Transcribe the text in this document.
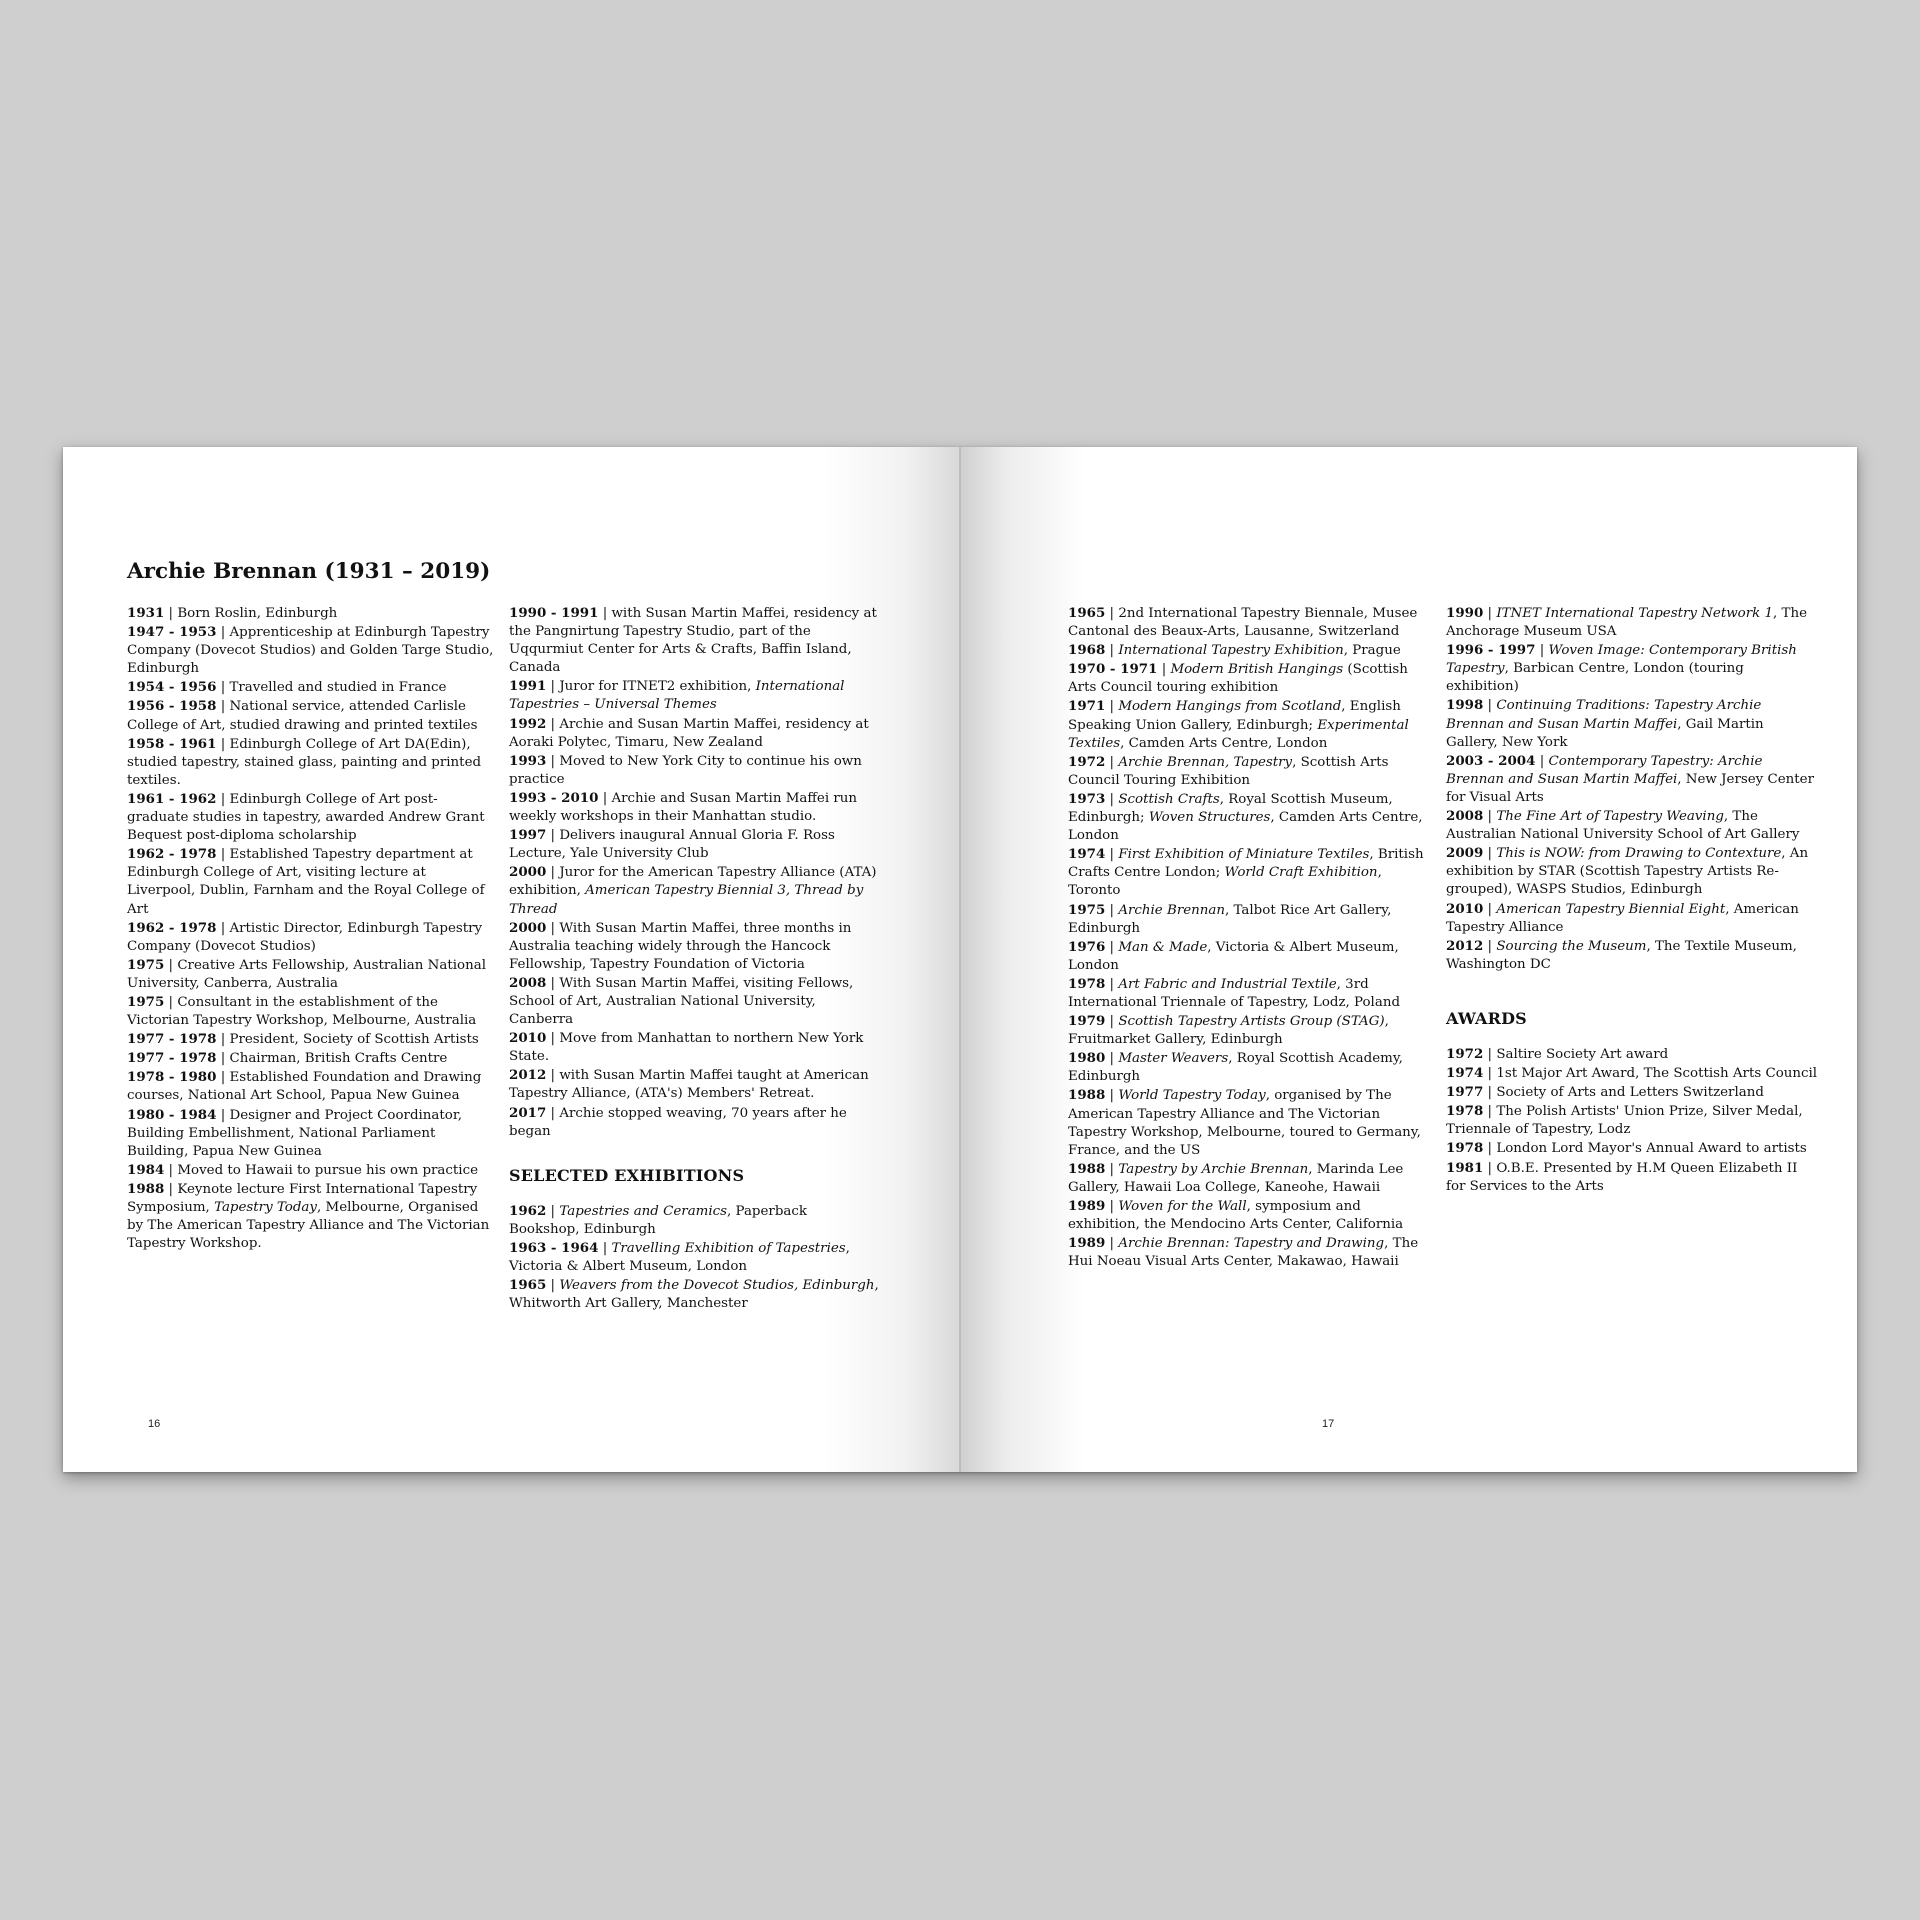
Archie Brennan (1931 – 2019)

1931 | Born Roslin, Edinburgh

1947 - 1953 | Apprenticeship at Edinburgh Tapestry Company (Dovecot Studios) and Golden Targe Studio, Edinburgh

1954 - 1956 | Travelled and studied in France

1956 - 1958 | National service, attended Carlisle College of Art, studied drawing and printed textiles

1958 - 1961 | Edinburgh College of Art DA(Edin), studied tapestry, stained glass, painting and printed textiles.

1961 - 1962 | Edinburgh College of Art post-graduate studies in tapestry, awarded Andrew Grant Bequest post-diploma scholarship

1962 - 1978 | Established Tapestry department at Edinburgh College of Art, visiting lecture at Liverpool, Dublin, Farnham and the Royal College of Art

1962 - 1978 | Artistic Director, Edinburgh Tapestry Company (Dovecot Studios)

1975 | Creative Arts Fellowship, Australian National University, Canberra, Australia

1975 | Consultant in the establishment of the Victorian Tapestry Workshop, Melbourne, Australia

1977 - 1978 | President, Society of Scottish Artists

1977 - 1978 | Chairman, British Crafts Centre

1978 - 1980 | Established Foundation and Drawing courses, National Art School, Papua New Guinea

1980 - 1984 | Designer and Project Coordinator, Building Embellishment, National Parliament Building, Papua New Guinea

1984 | Moved to Hawaii to pursue his own practice

1988 | Keynote lecture First International Tapestry Symposium, Tapestry Today, Melbourne, Organised by The American Tapestry Alliance and The Victorian Tapestry Workshop.

1990 - 1991 | with Susan Martin Maffei, residency at the Pangnirtung Tapestry Studio, part of the Uqqurmiut Center for Arts & Crafts, Baffin Island, Canada

1991 | Juror for ITNET2 exhibition, International Tapestries – Universal Themes

1992 | Archie and Susan Martin Maffei, residency at Aoraki Polytec, Timaru, New Zealand

1993 | Moved to New York City to continue his own practice

1993 - 2010 | Archie and Susan Martin Maffei run weekly workshops in their Manhattan studio.

1997 | Delivers inaugural Annual Gloria F. Ross Lecture, Yale University Club

2000 | Juror for the American Tapestry Alliance (ATA) exhibition, American Tapestry Biennial 3, Thread by Thread

2000 | With Susan Martin Maffei, three months in Australia teaching widely through the Hancock Fellowship, Tapestry Foundation of Victoria

2008 | With Susan Martin Maffei, visiting Fellows, School of Art, Australian National University, Canberra

2010 | Move from Manhattan to northern New York State.

2012 | with Susan Martin Maffei taught at American Tapestry Alliance, (ATA's) Members' Retreat.

2017 | Archie stopped weaving, 70 years after he began

SELECTED EXHIBITIONS

1962 | Tapestries and Ceramics, Paperback Bookshop, Edinburgh

1963 - 1964 | Travelling Exhibition of Tapestries, Victoria & Albert Museum, London

1965 | Weavers from the Dovecot Studios, Edinburgh, Whitworth Art Gallery, Manchester

16

1965 | 2nd International Tapestry Biennale, Musee Cantonal des Beaux-Arts, Lausanne, Switzerland

1968 | International Tapestry Exhibition, Prague

1970 - 1971 | Modern British Hangings (Scottish Arts Council touring exhibition

1971 | Modern Hangings from Scotland, English Speaking Union Gallery, Edinburgh; Experimental Textiles, Camden Arts Centre, London

1972 | Archie Brennan, Tapestry, Scottish Arts Council Touring Exhibition

1973 | Scottish Crafts, Royal Scottish Museum, Edinburgh; Woven Structures, Camden Arts Centre, London

1974 | First Exhibition of Miniature Textiles, British Crafts Centre London; World Craft Exhibition, Toronto

1975 | Archie Brennan, Talbot Rice Art Gallery, Edinburgh

1976 | Man & Made, Victoria & Albert Museum, London

1978 | Art Fabric and Industrial Textile, 3rd International Triennale of Tapestry, Lodz, Poland

1979 | Scottish Tapestry Artists Group (STAG), Fruitmarket Gallery, Edinburgh

1980 | Master Weavers, Royal Scottish Academy, Edinburgh

1988 | World Tapestry Today, organised by The American Tapestry Alliance and The Victorian Tapestry Workshop, Melbourne, toured to Germany, France, and the US

1988 | Tapestry by Archie Brennan, Marinda Lee Gallery, Hawaii Loa College, Kaneohe, Hawaii

1989 | Woven for the Wall, symposium and exhibition, the Mendocino Arts Center, California

1989 | Archie Brennan: Tapestry and Drawing, The Hui Noeau Visual Arts Center, Makawao, Hawaii

1990 | ITNET International Tapestry Network 1, The Anchorage Museum USA

1996 - 1997 | Woven Image: Contemporary British Tapestry, Barbican Centre, London (touring exhibition)

1998 | Continuing Traditions: Tapestry Archie Brennan and Susan Martin Maffei, Gail Martin Gallery, New York

2003 - 2004 | Contemporary Tapestry: Archie Brennan and Susan Martin Maffei, New Jersey Center for Visual Arts

2008 | The Fine Art of Tapestry Weaving, The Australian National University School of Art Gallery

2009 | This is NOW: from Drawing to Contexture, An exhibition by STAR (Scottish Tapestry Artists Re-grouped), WASPS Studios, Edinburgh

2010 | American Tapestry Biennial Eight, American Tapestry Alliance

2012 | Sourcing the Museum, The Textile Museum, Washington DC

AWARDS

1972 | Saltire Society Art award

1974 | 1st Major Art Award, The Scottish Arts Council

1977 | Society of Arts and Letters Switzerland

1978 | The Polish Artists' Union Prize, Silver Medal, Triennale of Tapestry, Lodz

1978 | London Lord Mayor's Annual Award to artists

1981 | O.B.E. Presented by H.M Queen Elizabeth II for Services to the Arts

17
